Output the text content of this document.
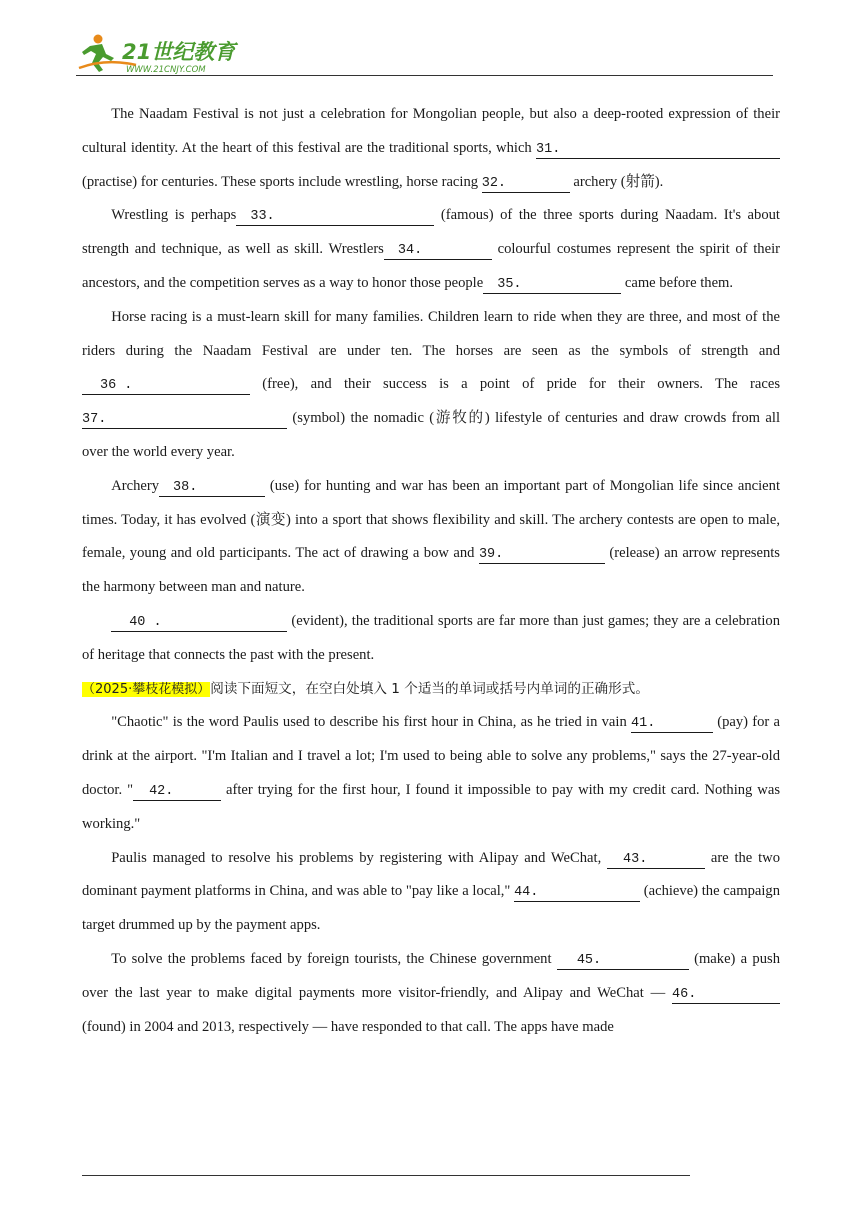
21世纪教育
WWW.21CNJY.COM

The Naadam Festival is not just a celebration for Mongolian people, but also a deep-rooted expression of their cultural identity. At the heart of this festival are the traditional sports, which 31. (practise) for centuries. These sports include wrestling, horse racing 32.	archery (射箭).

Wrestling is perhaps 33.	(famous) of the three sports during Naadam. It's about strength and technique, as well as skill. Wrestlers 34.	colourful costumes represent the spirit of their ancestors, and the competition serves as a way to honor those people 35.	came before them.

Horse racing is a must-learn skill for many families. Children learn to ride when they are three, and most of the riders during the Naadam Festival are under ten. The horses are seen as the symbols of strength and36 .	(free), and their success is a point of pride for their owners. The races 37.	(symbol) the nomadic (游牧的) lifestyle of centuries and draw crowds from all over the world every year.

Archery 38.	(use) for hunting and war has been an important part of Mongolian life since ancient times. Today, it has evolved (演变) into a sport that shows flexibility and skill. The archery contests are open to male, female, young and old participants. The act of drawing a bow and 39.	(release) an arrow represents the harmony between man and nature.

40 .	(evident), the traditional sports are far more than just games; they are a celebration of heritage that connects the past with the present.

（2025·攀枝花模拟）阅读下面短文，在空白处填入 1 个适当的单词或括号内单词的正确形式。

"Chaotic" is the word Paulis used to describe his first hour in China, as he tried in vain 41.	(pay) for a drink at the airport. "I'm Italian and I travel a lot; I'm used to being able to solve any problems," says the 27-year-old doctor. " 42.	after trying for the first hour, I found it impossible to pay with my credit card. Nothing was working."

Paulis managed to resolve his problems by registering with Alipay and WeChat, 43.	are the two dominant payment platforms in China, and was able to "pay like a local," 44.	(achieve) the campaign target drummed up by the payment apps.

To solve the problems faced by foreign tourists, the Chinese government 45.	(make) a push over the last year to make digital payments more visitor-friendly, and Alipay and WeChat — 46. (found) in 2004 and 2013, respectively — have responded to that call. The apps have made
